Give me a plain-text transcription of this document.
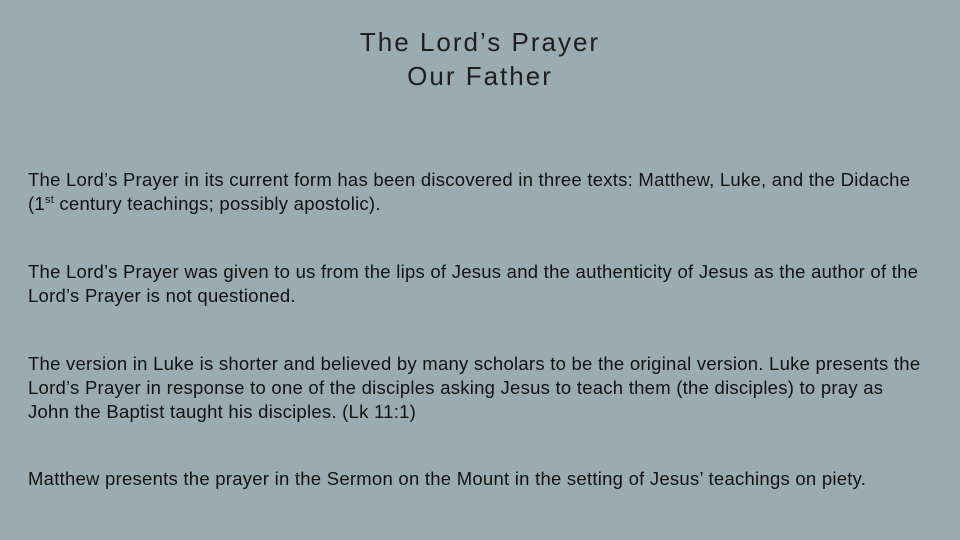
The Lord’s Prayer
Our Father

The Lord’s Prayer in its current form has been discovered in three texts: Matthew, Luke, and the Didache (1st century teachings; possibly apostolic).

The Lord’s Prayer was given to us from the lips of Jesus and the authenticity of Jesus as the author of the Lord’s Prayer is not questioned.

The version in Luke is shorter and believed by many scholars to be the original version. Luke presents the Lord’s Prayer in response to one of the disciples asking Jesus to teach them (the disciples) to pray as John the Baptist taught his disciples. (Lk 11:1)

Matthew presents the prayer in the Sermon on the Mount in the setting of Jesus’ teachings on piety.
